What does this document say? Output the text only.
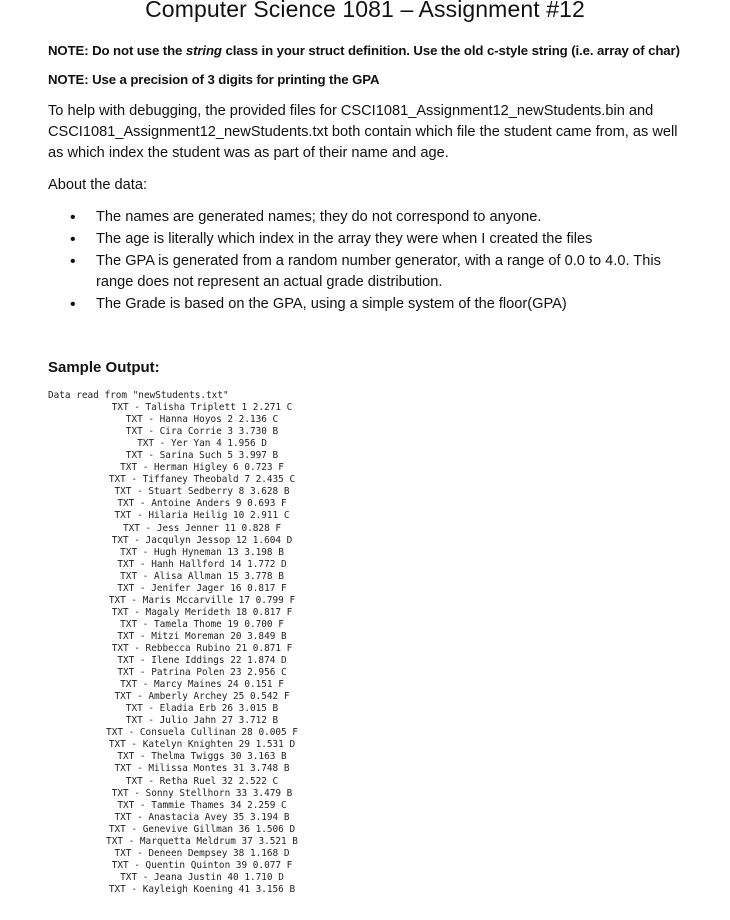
Computer Science 1081 – Assignment #12
NOTE: Do not use the string class in your struct definition. Use the old c-style string (i.e. array of char)
NOTE: Use a precision of 3 digits for printing the GPA
To help with debugging, the provided files for CSCI1081_Assignment12_newStudents.bin and CSCI1081_Assignment12_newStudents.txt both contain which file the student came from, as well as which index the student was as part of their name and age.
About the data:
• The names are generated names; they do not correspond to anyone.
• The age is literally which index in the array they were when I created the files
• The GPA is generated from a random number generator, with a range of 0.0 to 4.0. This range does not represent an actual grade distribution.
• The Grade is based on the GPA, using a simple system of the floor(GPA)
Sample Output:
Data read from "newStudents.txt"
TXT - Talisha Triplett 1 2.271 C
TXT - Hanna Hoyos 2 2.136 C
TXT - Cira Corrie 3 3.730 B
TXT - Yer Yan 4 1.956 D
TXT - Sarina Such 5 3.997 B
TXT - Herman Higley 6 0.723 F
TXT - Tiffaney Theobald 7 2.435 C
TXT - Stuart Sedberry 8 3.628 B
TXT - Antoine Anders 9 0.693 F
TXT - Hilaria Heilig 10 2.911 C
TXT - Jess Jenner 11 0.828 F
TXT - Jacqulyn Jessop 12 1.604 D
TXT - Hugh Hyneman 13 3.198 B
TXT - Hanh Hallford 14 1.772 D
TXT - Alisa Allman 15 3.778 B
TXT - Jenifer Jager 16 0.817 F
TXT - Maris Mccarville 17 0.799 F
TXT - Magaly Merideth 18 0.817 F
TXT - Tamela Thome 19 0.700 F
TXT - Mitzi Moreman 20 3.849 B
TXT - Rebbecca Rubino 21 0.871 F
TXT - Ilene Iddings 22 1.874 D
TXT - Patrina Polen 23 2.956 C
TXT - Marcy Maines 24 0.151 F
TXT - Amberly Archey 25 0.542 F
TXT - Eladia Erb 26 3.015 B
TXT - Julio Jahn 27 3.712 B
TXT - Consuela Cullinan 28 0.005 F
TXT - Katelyn Knighten 29 1.531 D
TXT - Thelma Twiggs 30 3.163 B
TXT - Milissa Montes 31 3.748 B
TXT - Retha Ruel 32 2.522 C
TXT - Sonny Stellhorn 33 3.479 B
TXT - Tammie Thames 34 2.259 C
TXT - Anastacia Avey 35 3.194 B
TXT - Genevive Gillman 36 1.506 D
TXT - Marquetta Meldrum 37 3.521 B
TXT - Deneen Dempsey 38 1.168 D
TXT - Quentin Quinton 39 0.077 F
TXT - Jeana Justin 40 1.710 D
TXT - Kayleigh Koening 41 3.156 B
